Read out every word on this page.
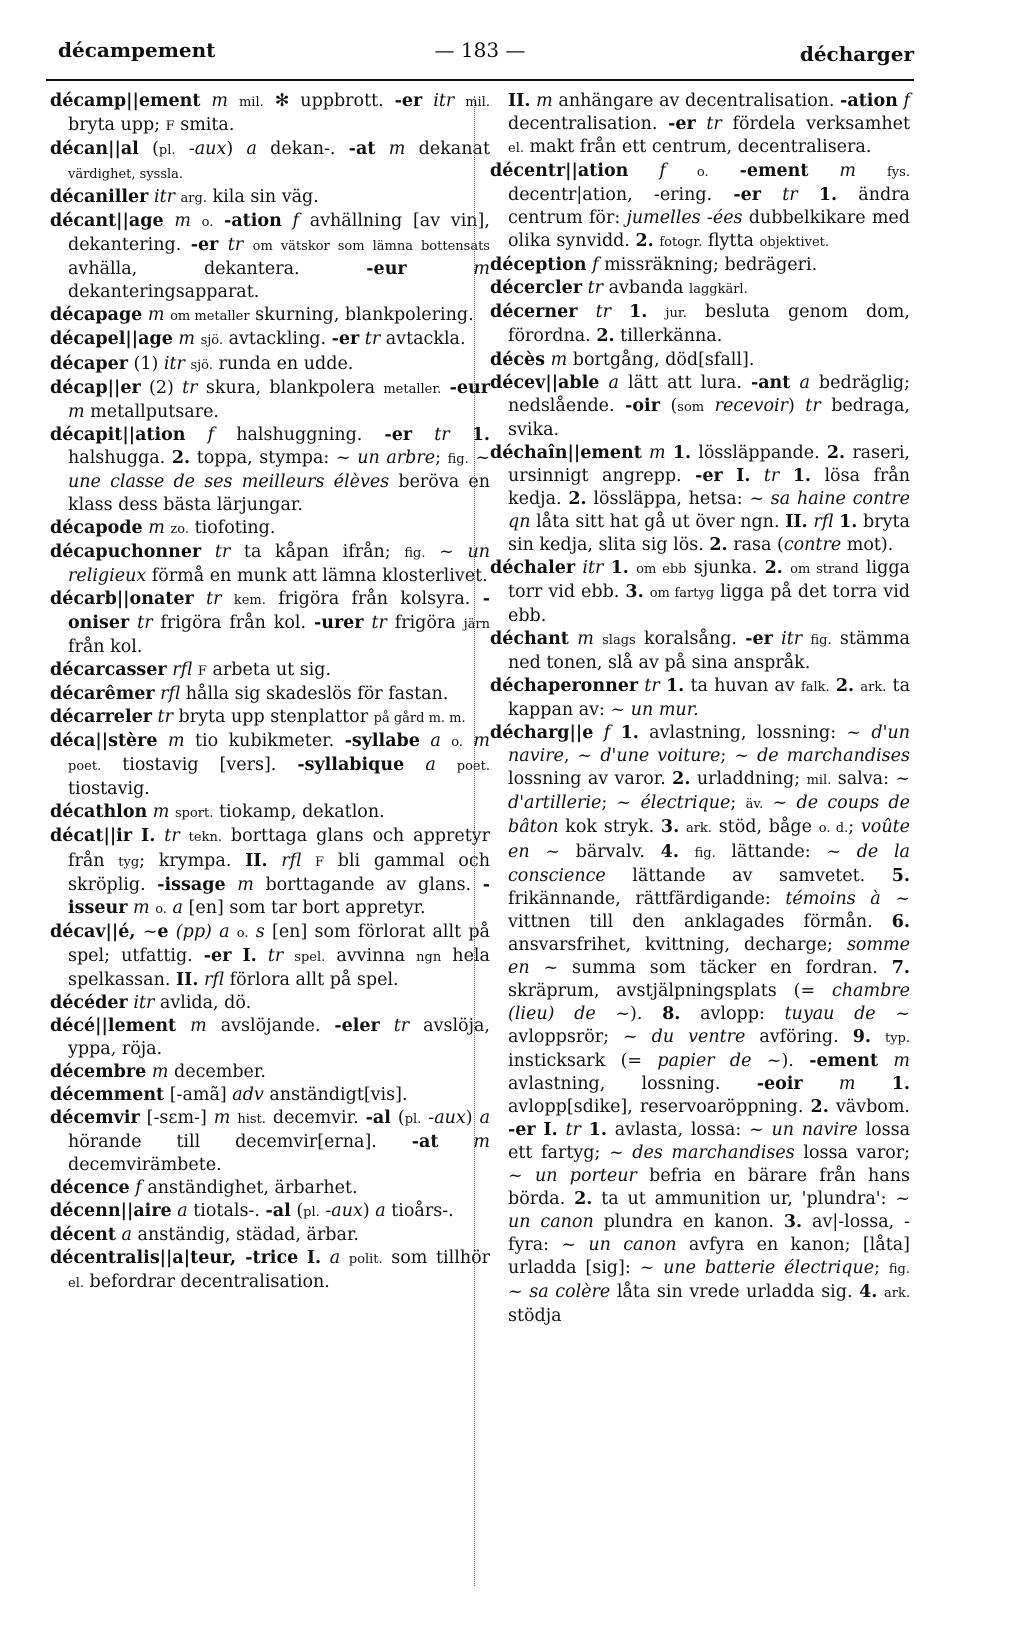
décampement	— 183 —	décharger

décamp||ement m mil. ✻ uppbrott. -er itr mil. bryta upp; F smita.

décan||al (pl. -aux) a dekan-. -at m dekanat värdighet, syssla.

décaniller itr arg. kila sin väg.

décant||age m o. -ation f avhällning [av vin], dekantering. -er tr om vätskor som lämna bottensats avhälla, dekantera. -eur	m dekanteringsapparat.

décapage m om metaller skurning, blankpolering.

décapel||age m sjö. avtackling. -er tr avtackla.

décaper (1) itr sjö. runda en udde.

décap||er (2) tr skura, blankpolera metaller. -eur m metallputsare.

décapit||ation f halshuggning. -er tr 1. halshugga. 2. toppa, stympa: ~ un arbre; fig. ~ une classe de ses meilleurs élèves beröva en klass dess bästa lärjungar.

décapode m zo. tiofoting.

décapuchonner tr ta kåpan ifrån; fig. ~ un religieux förmå en munk att lämna klosterlivet.

décarb||onater tr kem. frigöra från kolsyra. -oniser tr frigöra från kol. -urer tr frigöra järn från kol.

décarcasser rfl F arbeta ut sig.

décarêmer rfl hålla sig skadeslös för fastan.

décarreler tr bryta upp stenplattor på gård m. m.

déca||stère m tio kubikmeter. -syllabe a o. m poet. tiostavig [vers]. -syllabique a poet. tiostavig.

décathlon m sport. tiokamp, dekatlon.

décat||ir I. tr tekn. borttaga glans och appretyr från tyg; krympa. II. rfl F bli gammal och skröplig. -issage m borttagande av glans. -isseur m o. a [en] som tar bort appretyr.

décav||é, ~e (pp) a o. s [en] som förlorat allt på spel; utfattig. -er I. tr spel. avvinna ngn hela spelkassan. II. rfl förlora allt på spel.

décéder itr avlida, dö.

décé||lement m avslöjande. -eler tr avslöja, yppa, röja.

décembre m december.

décemment [-amã] adv anständigt[vis].

décemvir [-sɛm-] m hist. decemvir. -al (pl. -aux) a hörande till decemvir[erna]. -at m decemvirämbete.

décence f anständighet, ärbarhet.

décenn||aire a tiotals-. -al (pl. -aux) a tioårs-.

décent a anständig, städad, ärbar.

décentralis||a|teur, -trice I. a polit. som tillhör el. befordrar decentralisation.

II. m anhängare av decentralisation. -ation f decentralisation. -er tr fördela verksamhet el. makt från ett centrum, decentralisera.

décentr||ation f o. -ement m fys. decentr|ation, -ering. -er tr 1. ändra centrum för: jumelles -ées dubbelkikare med olika synvidd. 2. fotogr. flytta objektivet.

déception f missräkning; bedrägeri.

décercler tr avbanda laggkärl.

décerner tr 1. jur. besluta genom dom, förordna. 2. tillerkänna.

décès m bortgång, död[sfall].

décev||able a lätt att lura. -ant a bedräglig; nedslående. -oir (som recevoir) tr bedraga, svika.

déchaîn||ement m 1. lössläppande. 2. raseri, ursinnigt angrepp. -er I. tr 1. lösa från kedja. 2. lössläppa, hetsa: ~ sa haine contre qn låta sitt hat gå ut över ngn. II. rfl 1. bryta sin kedja, slita sig lös. 2. rasa (contre mot).

déchaler itr 1. om ebb sjunka. 2. om strand ligga torr vid ebb. 3. om fartyg ligga på det torra vid ebb.

déchant m slags koralsång. -er itr fig. stämma ned tonen, slå av på sina anspråk.

déchaperonner tr 1. ta huvan av falk. 2. ark. ta kappan av: ~ un mur.

décharg||e f 1. avlastning, lossning: ~ d'un navire, ~ d'une voiture; ~ de marchandises lossning av varor. 2. urladdning; mil. salva: ~ d'artillerie; ~ électrique; äv. ~ de coups de bâton kok stryk. 3. ark. stöd, båge o. d.; voûte en ~ bärvalv. 4. fig. lättande: ~ de la conscience lättande av samvetet. 5. frikännande, rättfärdigande: témoins à ~ vittnen till den anklagades förmån. 6. ansvarsfrihet, kvittning, decharge; somme en ~ summa som täcker en fordran. 7. skräprum, avstjälpningsplats (= chambre (lieu) de ~). 8. avlopp: tuyau de ~ avloppsrör; ~ du ventre avföring. 9. typ. insticksark (= papier de ~). -ement m avlastning, lossning. -eoir m 1. avlopp[sdike], reservoaröppning. 2. vävbom. -er I. tr 1. avlasta, lossa: ~ un navire lossa ett fartyg; ~ des marchandises lossa varor; ~ un porteur befria en bärare från hans börda. 2. ta ut ammunition ur, 'plundra': ~ un canon plundra en kanon. 3. av|-lossa, -fyra: ~ un canon avfyra en kanon; [låta] urladda [sig]: ~ une batterie électrique; fig. ~ sa colère låta sin vrede urladda sig. 4. ark. stödja
